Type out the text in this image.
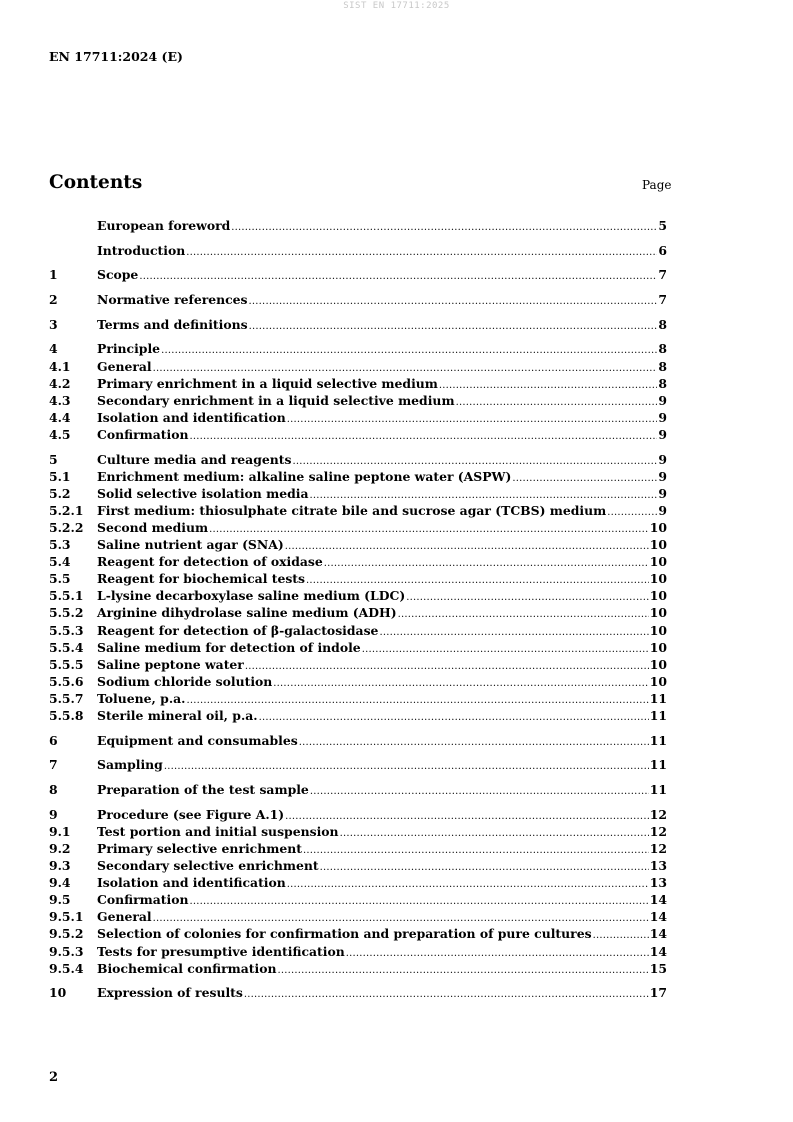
SIST EN 17711:2025
EN 17711:2024 (E)
Contents	Page
European foreword .....	5
Introduction .....	6
1	Scope .....	7
2	Normative references .....	7
3	Terms and definitions .....	8
4	Principle .....	8
4.1	General .....	8
4.2	Primary enrichment in a liquid selective medium .....	8
4.3	Secondary enrichment in a liquid selective medium .....	9
4.4	Isolation and identification .....	9
4.5	Confirmation .....	9
5	Culture media and reagents .....	9
5.1	Enrichment medium: alkaline saline peptone water (ASPW) .....	9
5.2	Solid selective isolation media .....	9
5.2.1	First medium: thiosulphate citrate bile and sucrose agar (TCBS) medium .....	9
5.2.2	Second medium .....	10
5.3	Saline nutrient agar (SNA) .....	10
5.4	Reagent for detection of oxidase .....	10
5.5	Reagent for biochemical tests .....	10
5.5.1	L-lysine decarboxylase saline medium (LDC) .....	10
5.5.2	Arginine dihydrolase saline medium (ADH) .....	10
5.5.3	Reagent for detection of β-galactosidase .....	10
5.5.4	Saline medium for detection of indole .....	10
5.5.5	Saline peptone water .....	10
5.5.6	Sodium chloride solution .....	10
5.5.7	Toluene, p.a. .....	11
5.5.8	Sterile mineral oil, p.a. .....	11
6	Equipment and consumables .....	11
7	Sampling .....	11
8	Preparation of the test sample .....	11
9	Procedure (see Figure A.1) .....	12
9.1	Test portion and initial suspension .....	12
9.2	Primary selective enrichment .....	12
9.3	Secondary selective enrichment .....	13
9.4	Isolation and identification .....	13
9.5	Confirmation .....	14
9.5.1	General .....	14
9.5.2	Selection of colonies for confirmation and preparation of pure cultures .....	14
9.5.3	Tests for presumptive identification .....	14
9.5.4	Biochemical confirmation .....	15
10	Expression of results .....	17
2
